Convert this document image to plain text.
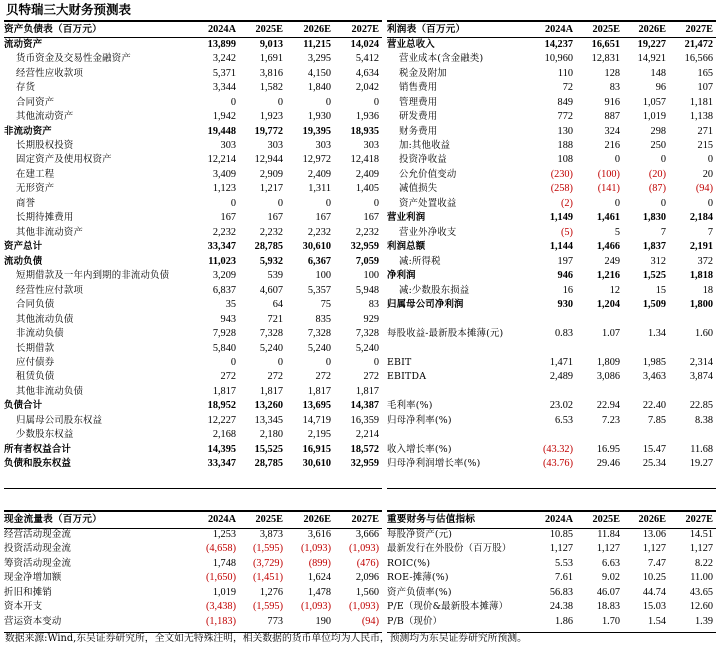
贝特瑞三大财务预测表
资产负债表（百万元）	2024A	2025E	2026E	2027E
流动资产	13,899	9,013	11,215	14,024
货币资金及交易性金融资产	3,242	1,691	3,295	5,412
经营性应收款项	5,371	3,816	4,150	4,634
存货	3,344	1,582	1,840	2,042
合同资产	0	0	0	0
其他流动资产	1,942	1,923	1,930	1,936
非流动资产	19,448	19,772	19,395	18,935
长期股权投资	303	303	303	303
固定资产及使用权资产	12,214	12,944	12,972	12,418
在建工程	3,409	2,909	2,409	2,409
无形资产	1,123	1,217	1,311	1,405
商誉	0	0	0	0
长期待摊费用	167	167	167	167
其他非流动资产	2,232	2,232	2,232	2,232
资产总计	33,347	28,785	30,610	32,959
流动负债	11,023	5,932	6,367	7,059
短期借款及一年内到期的非流动负债	3,209	539	100	100
经营性应付款项	6,837	4,607	5,357	5,948
合同负债	35	64	75	83
其他流动负债	943	721	835	929
非流动负债	7,928	7,328	7,328	7,328
长期借款	5,840	5,240	5,240	5,240
应付债券	0	0	0	0
租赁负债	272	272	272	272
其他非流动负债	1,817	1,817	1,817	1,817
负债合计	18,952	13,260	13,695	14,387
归属母公司股东权益	12,227	13,345	14,719	16,359
少数股东权益	2,168	2,180	2,195	2,214
所有者权益合计	14,395	15,525	16,915	18,572
负债和股东权益	33,347	28,785	30,610	32,959
利润表（百万元）	2024A	2025E	2026E	2027E
营业总收入	14,237	16,651	19,227	21,472
营业成本(含金融类)	10,960	12,831	14,921	16,566
税金及附加	110	128	148	165
销售费用	72	83	96	107
管理费用	849	916	1,057	1,181
研发费用	772	887	1,019	1,138
财务费用	130	324	298	271
加:其他收益	188	216	250	215
投资净收益	108	0	0	0
公允价值变动	(230)	(100)	(20)	20
减值损失	(258)	(141)	(87)	(94)
资产处置收益	(2)	0	0	0
营业利润	1,149	1,461	1,830	2,184
营业外净收支	(5)	5	7	7
利润总额	1,144	1,466	1,837	2,191
减:所得税	197	249	312	372
净利润	946	1,216	1,525	1,818
减:少数股东损益	16	12	15	18
归属母公司净利润	930	1,204	1,509	1,800

每股收益-最新股本摊薄(元)	0.83	1.07	1.34	1.60

EBIT	1,471	1,809	1,985	2,314
EBITDA	2,489	3,086	3,463	3,874

毛利率(%)	23.02	22.94	22.40	22.85
归母净利率(%)	6.53	7.23	7.85	8.38

收入增长率(%)	(43.32)	16.95	15.47	11.68
归母净利润增长率(%)	(43.76)	29.46	25.34	19.27
现金流量表（百万元）	2024A	2025E	2026E	2027E
经营活动现金流	1,253	3,873	3,616	3,666
投资活动现金流	(4,658)	(1,595)	(1,093)	(1,093)
筹资活动现金流	1,748	(3,729)	(899)	(476)
现金净增加额	(1,650)	(1,451)	1,624	2,096
折旧和摊销	1,019	1,276	1,478	1,560
资本开支	(3,438)	(1,595)	(1,093)	(1,093)
营运资本变动	(1,183)	773	190	(94)
重要财务与估值指标	2024A	2025E	2026E	2027E
每股净资产(元)	10.85	11.84	13.06	14.51
最新发行在外股份（百万股）	1,127	1,127	1,127	1,127
ROIC(%)	5.53	6.63	7.47	8.22
ROE-摊薄(%)	7.61	9.02	10.25	11.00
资产负债率(%)	56.83	46.07	44.74	43.65
P/E（现价&最新股本摊薄）	24.38	18.83	15.03	12.60
P/B（现价）	1.86	1.70	1.54	1.39
数据来源:Wind,东吴证券研究所，全文如无特殊注明，相关数据的货币单位均为人民币，预测均为东吴证券研究所预测。
